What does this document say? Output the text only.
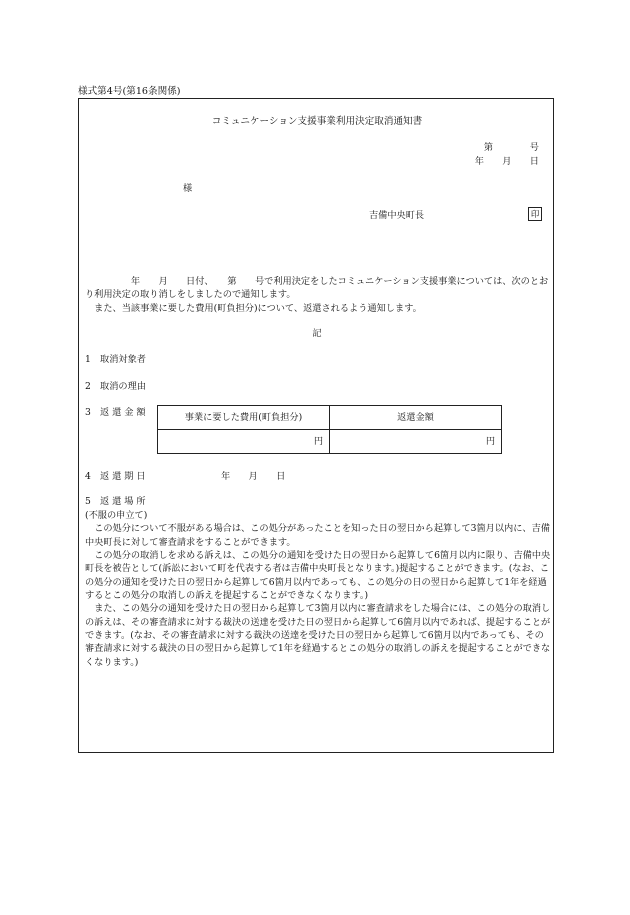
様式第4号(第16条関係)
コミュニケーション支援事業利用決定取消通知書
第　　　　号
年　　月　　日
様
吉備中央町長	印

　　　　　年　　月　　日付、　　第　　号で利用決定をしたコミュニケーション支援事業については、次のとおり利用決定の取り消しをしましたので通知します。

　また、当該事業に要した費用(町負担分)について、返還されるよう通知します。

記
1　取消対象者
2　取消の理由
3　返 還 金 額	事業に要した費用(町負担分)	返還金額
円	円
4　返 還 期 日	年　　月　　日
5　返 還 場 所

(不服の申立て)

この処分について不服がある場合は、この処分があったことを知った日の翌日から起算して3箇月以内に、吉備中央町長に対して審査請求をすることができます。

この処分の取消しを求める訴えは、この処分の通知を受けた日の翌日から起算して6箇月以内に限り、吉備中央町長を被告として(訴訟において町を代表する者は吉備中央町長となります。)提起することができます。(なお、この処分の通知を受けた日の翌日から起算して6箇月以内であっても、この処分の日の翌日から起算して1年を経過するとこの処分の取消しの訴えを提起することができなくなります。)

また、この処分の通知を受けた日の翌日から起算して3箇月以内に審査請求をした場合には、この処分の取消しの訴えは、その審査請求に対する裁決の送達を受けた日の翌日から起算して6箇月以内であれば、提起することができます。(なお、その審査請求に対する裁決の送達を受けた日の翌日から起算して6箇月以内であっても、その審査請求に対する裁決の日の翌日から起算して1年を経過するとこの処分の取消しの訴えを提起することができなくなります。)
